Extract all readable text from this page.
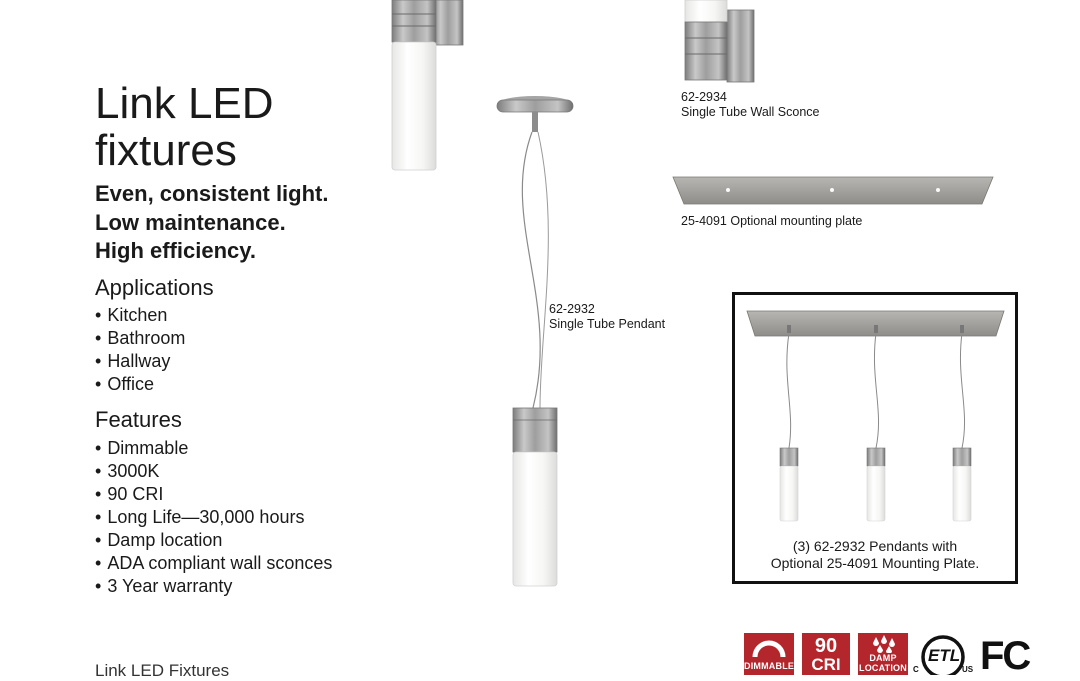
Link LED
fixtures
Even, consistent light.
Low maintenance.
High efficiency.
Applications
• Kitchen
• Bathroom
• Hallway
• Office
Features
• Dimmable
• 3000K
• 90 CRI
• Long Life—30,000 hours
• Damp location
• ADA compliant wall sconces
• 3 Year warranty
Link LED Fixtures
62-2934
Single Tube Wall Sconce
25-4091 Optional mounting plate
62-2932
Single Tube Pendant
(3) 62-2932 Pendants with
Optional 25-4091 Mounting Plate.
DIMMABLE
90
CRI	DAMP
LOCATION
ETL
C	US FC
